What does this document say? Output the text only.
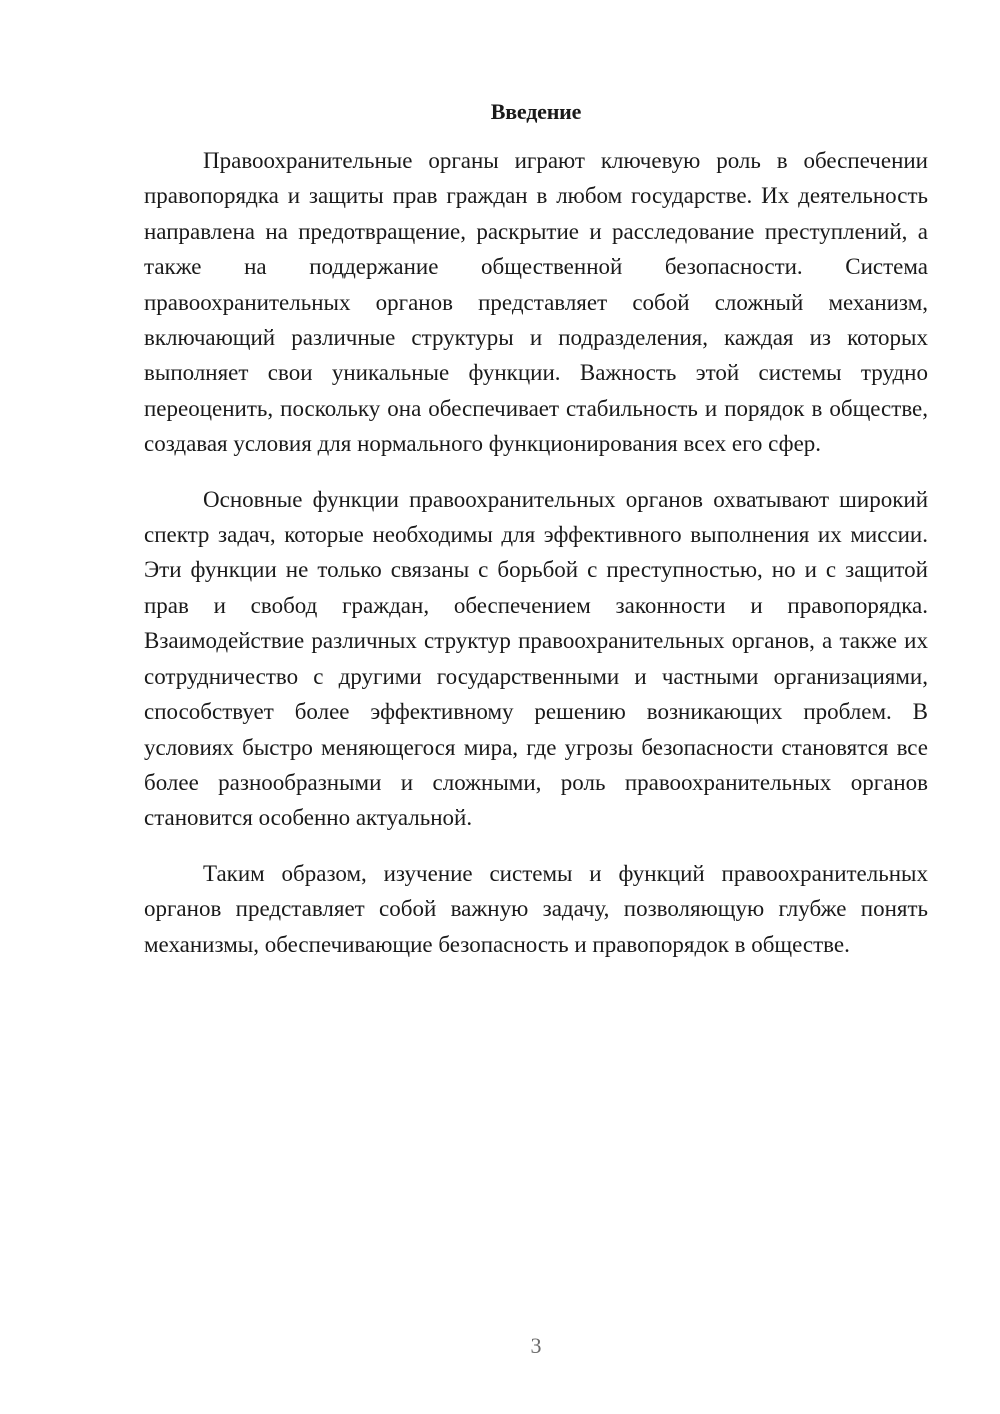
Введение

Правоохранительные органы играют ключевую роль в обеспечении правопорядка и защиты прав граждан в любом государстве. Их деятельность направлена на предотвращение, раскрытие и расследование преступлений, а также на поддержание общественной безопасности. Система правоохранительных органов представляет собой сложный механизм, включающий различные структуры и подразделения, каждая из которых выполняет свои уникальные функции. Важность этой системы трудно переоценить, поскольку она обеспечивает стабильность и порядок в обществе, создавая условия для нормального функционирования всех его сфер.

Основные функции правоохранительных органов охватывают широкий спектр задач, которые необходимы для эффективного выполнения их миссии. Эти функции не только связаны с борьбой с преступностью, но и с защитой прав и свобод граждан, обеспечением законности и правопорядка. Взаимодействие различных структур правоохранительных органов, а также их сотрудничество с другими государственными и частными организациями, способствует более эффективному решению возникающих проблем. В условиях быстро меняющегося мира, где угрозы безопасности становятся все более разнообразными и сложными, роль правоохранительных органов становится особенно актуальной.

Таким образом, изучение системы и функций правоохранительных органов представляет собой важную задачу, позволяющую глубже понять механизмы, обеспечивающие безопасность и правопорядок в обществе.

3
